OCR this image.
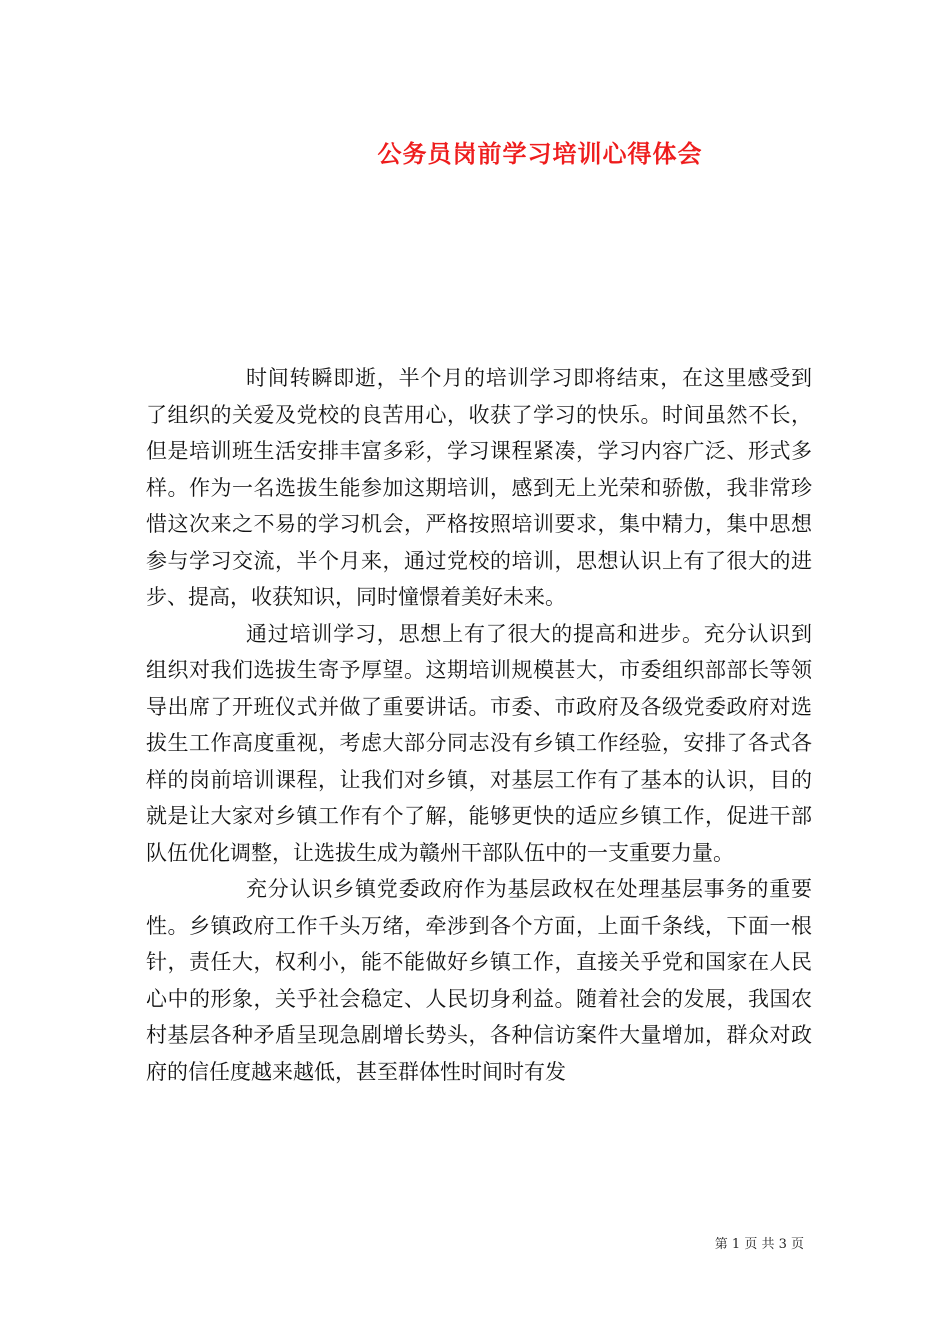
公务员岗前学习培训心得体会

时间转瞬即逝，半个月的培训学习即将结束，在这里感受到了组织的关爱及党校的良苦用心，收获了学习的快乐。时间虽然不长，但是培训班生活安排丰富多彩，学习课程紧凑，学习内容广泛、形式多样。作为一名选拔生能参加这期培训，感到无上光荣和骄傲，我非常珍惜这次来之不易的学习机会，严格按照培训要求，集中精力，集中思想参与学习交流，半个月来，通过党校的培训，思想认识上有了很大的进步、提高，收获知识，同时憧憬着美好未来。

通过培训学习，思想上有了很大的提高和进步。充分认识到组织对我们选拔生寄予厚望。这期培训规模甚大，市委组织部部长等领导出席了开班仪式并做了重要讲话。市委、市政府及各级党委政府对选拔生工作高度重视，考虑大部分同志没有乡镇工作经验，安排了各式各样的岗前培训课程，让我们对乡镇，对基层工作有了基本的认识，目的就是让大家对乡镇工作有个了解，能够更快的适应乡镇工作，促进干部队伍优化调整，让选拔生成为赣州干部队伍中的一支重要力量。

充分认识乡镇党委政府作为基层政权在处理基层事务的重要性。乡镇政府工作千头万绪，牵涉到各个方面，上面千条线，下面一根针，责任大，权利小，能不能做好乡镇工作，直接关乎党和国家在人民心中的形象，关乎社会稳定、人民切身利益。随着社会的发展，我国农村基层各种矛盾呈现急剧增长势头，各种信访案件大量增加，群众对政府的信任度越来越低，甚至群体性时间时有发

第 1 页 共 3 页
